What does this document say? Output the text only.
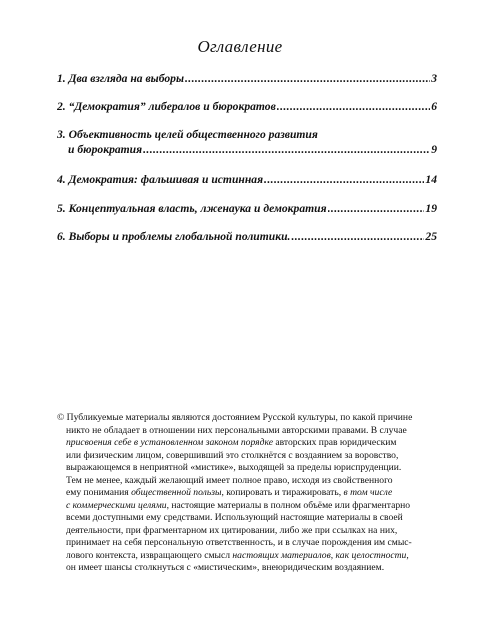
Оглавление
1. Два взгляда на выборы .....	3
2. “Демократия” либералов и бюрократов .....	6
3. Объективность целей общественного развития
и бюрократия .....	9
4. Демократия: фальшивая и истинная .....	14
5. Концептуальная власть, лженаука и демократия .....	19
6. Выборы и проблемы глобальной политики. .....	25
© Публикуемые материалы являются достоянием Русской культуры, по какой причине
никто не обладает в отношении них персональными авторскими правами. В случае
присвоения себе в установленном законом порядке авторских прав юридическим
или физическим лицом, совершивший это столкнётся с воздаянием за воровство,
выражающемся в неприятной «мистике», выходящей за пределы юриспруденции.
Тем не менее, каждый желающий имеет полное право, исходя из свойственного
ему понимания общественной пользы, копировать и тиражировать, в том числе
с коммерческими целями, настоящие материалы в полном объёме или фрагментарно
всеми доступными ему средствами. Использующий настоящие материалы в своей
деятельности, при фрагментарном их цитировании, либо же при ссылках на них,
принимает на себя персональную ответственность, и в случае порождения им смыс-
лового контекста, извращающего смысл настоящих материалов, как целостности,
он имеет шансы столкнуться с «мистическим», внеюридическим воздаянием.
